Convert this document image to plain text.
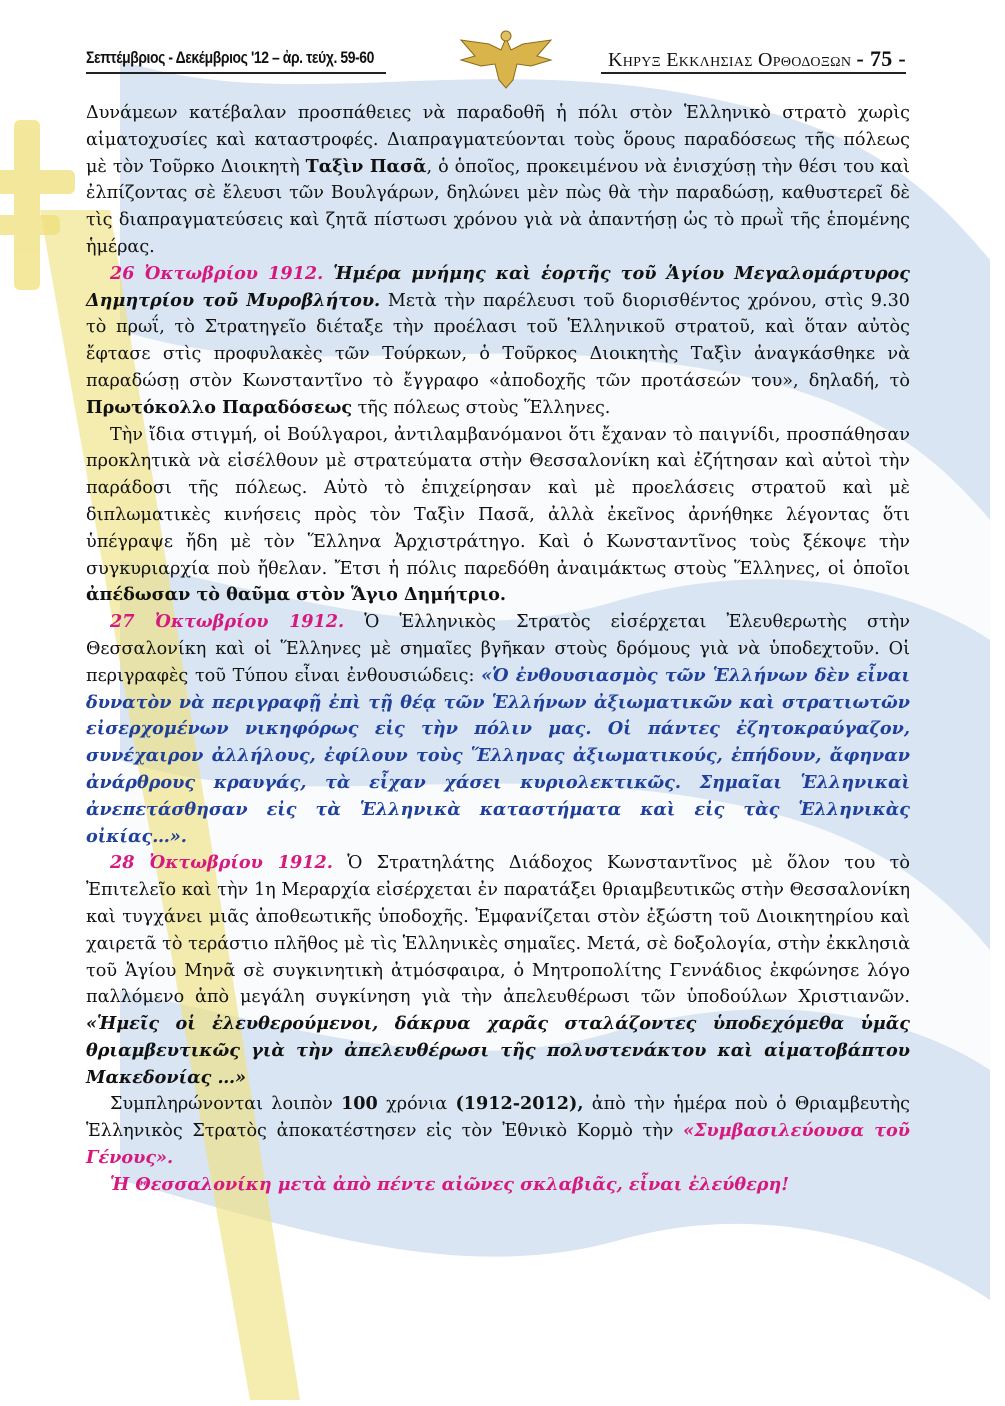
Σεπτέμβριος - Δεκέμβριος '12 – ἀρ. τεύχ. 59-60	Κηρυξ Εκκλησιας Ορθοδοξων - 75 -

Δυνάμεων κατέβαλαν προσπάθειες νὰ παραδοθῆ ἡ πόλι στὸν Ἑλληνικὸ στρατὸ χωρὶς αἱματοχυσίες καὶ καταστροφές. Διαπραγματεύονται τοὺς ὅρους παραδόσεως τῆς πόλεως μὲ τὸν Τοῦρκο Διοικητὴ Ταξὶν Πασᾶ, ὁ ὁποῖος, προκειμένου νὰ ἐνισχύσῃ τὴν θέσι του καὶ ἐλπίζοντας σὲ ἔλευσι τῶν Βουλγάρων, δηλώνει μὲν πὼς θὰ τὴν παραδώσῃ, καθυστερεῖ δὲ τὶς διαπραγματεύσεις καὶ ζητᾶ πίστωσι χρόνου γιὰ νὰ ἀπαντήσῃ ὡς τὸ πρωῒ τῆς ἑπομένης ἡμέρας.

26 Ὀκτωβρίου 1912. Ἡμέρα μνήμης καὶ ἑορτῆς τοῦ Ἁγίου Μεγαλομάρτυρος Δημητρίου τοῦ Μυροβλήτου. Μετὰ τὴν παρέλευσι τοῦ διορισθέντος χρόνου, στὶς 9.30 τὸ πρωΐ, τὸ Στρατηγεῖο διέταξε τὴν προέλασι τοῦ Ἑλληνικοῦ στρατοῦ, καὶ ὅταν αὐτὸς ἔφτασε στὶς προφυλακὲς τῶν Τούρκων, ὁ Τοῦρκος Διοικητὴς Ταξὶν ἀναγκάσθηκε νὰ παραδώσῃ στὸν Κωνσταντῖνο τὸ ἔγγραφο «ἀποδοχῆς τῶν προτάσεών του», δηλαδή, τὸ Πρωτόκολλο Παραδόσεως τῆς πόλεως στοὺς Ἕλληνες.

Τὴν ἴδια στιγμή, οἱ Βούλγαροι, ἀντιλαμβανόμανοι ὅτι ἔχαναν τὸ παιγνίδι, προσπάθησαν προκλητικὰ νὰ εἰσέλθουν μὲ στρατεύματα στὴν Θεσσαλονίκη καὶ ἐζήτησαν καὶ αὐτοὶ τὴν παράδοσι τῆς πόλεως. Αὐτὸ τὸ ἐπιχείρησαν καὶ μὲ προελάσεις στρατοῦ καὶ μὲ διπλωματικὲς κινήσεις πρὸς τὸν Ταξὶν Πασᾶ, ἀλλὰ ἐκεῖνος ἀρνήθηκε λέγοντας ὅτι ὑπέγραψε ἤδη μὲ τὸν Ἕλληνα Ἀρχιστράτηγο. Καὶ ὁ Κωνσταντῖνος τοὺς ξέκοψε τὴν συγκυριαρχία ποὺ ἤθελαν. Ἔτσι ἡ πόλις παρεδόθη ἀναιμάκτως στοὺς Ἕλληνες, οἱ ὁποῖοι ἀπέδωσαν τὸ θαῦμα στὸν Ἅγιο Δημήτριο.

27 Ὀκτωβρίου 1912. Ὁ Ἑλληνικὸς Στρατὸς εἰσέρχεται Ἐλευθερωτὴς στὴν Θεσσαλονίκη καὶ οἱ Ἕλληνες μὲ σημαῖες βγῆκαν στοὺς δρόμους γιὰ νὰ ὑποδεχτοῦν. Οἱ περιγραφὲς τοῦ Τύπου εἶναι ἐνθουσιώδεις: «Ὁ ἐνθουσιασμὸς τῶν Ἑλλήνων δὲν εἶναι δυνατὸν νὰ περιγραφῇ ἐπὶ τῇ θέᾳ τῶν Ἑλλήνων ἀξιωματικῶν καὶ στρατιωτῶν εἰσερχομένων νικηφόρως εἰς τὴν πόλιν μας. Οἱ πάντες ἐζητοκραύγαζον, συνέχαιρον ἀλλήλους, ἐφίλουν τοὺς Ἕλληνας ἀξιωματικούς, ἐπήδουν, ἄφηναν ἀνάρθρους κραυγάς, τὰ εἶχαν χάσει κυριολεκτικῶς. Σημαῖαι Ἑλληνικαὶ ἀνεπετάσθησαν εἰς τὰ Ἑλληνικὰ καταστήματα καὶ εἰς τὰς Ἑλληνικὰς οἰκίας…».

28 Ὀκτωβρίου 1912. Ὁ Στρατηλάτης Διάδοχος Κωνσταντῖνος μὲ ὅλον του τὸ Ἐπιτελεῖο καὶ τὴν 1η Μεραρχία εἰσέρχεται ἐν παρατάξει θριαμβευτικῶς στὴν Θεσσαλονίκη καὶ τυγχάνει μιᾶς ἀποθεωτικῆς ὑποδοχῆς. Ἐμφανίζεται στὸν ἐξώστη τοῦ Διοικητηρίου καὶ χαιρετᾶ τὸ τεράστιο πλῆθος μὲ τὶς Ἑλληνικὲς σημαῖες. Μετά, σὲ δοξολογία, στὴν ἐκκλησιὰ τοῦ Ἁγίου Μηνᾶ σὲ συγκινητικὴ ἀτμόσφαιρα, ὁ Μητροπολίτης Γεννάδιος ἐκφώνησε λόγο παλλόμενο ἀπὸ μεγάλη συγκίνηση γιὰ τὴν ἀπελευθέρωσι τῶν ὑποδούλων Χριστιανῶν. «Ἡμεῖς οἱ ἐλευθερούμενοι, δάκρυα χαρᾶς σταλάζοντες ὑποδεχόμεθα ὑμᾶς θριαμβευτικῶς γιὰ τὴν ἀπελευθέρωσι τῆς πολυστενάκτου καὶ αἱματοβάπτου Μακεδονίας …»

Συμπληρώνονται λοιπὸν 100 χρόνια (1912-2012), ἀπὸ τὴν ἡμέρα ποὺ ὁ Θριαμβευτὴς Ἑλληνικὸς Στρατὸς ἀποκατέστησεν εἰς τὸν Ἐθνικὸ Κορμὸ τὴν «Συμβασιλεύουσα τοῦ Γένους».

Ἡ Θεσσαλονίκη μετὰ ἀπὸ πέντε αἰῶνες σκλαβιᾶς, εἶναι ἐλεύθερη!
